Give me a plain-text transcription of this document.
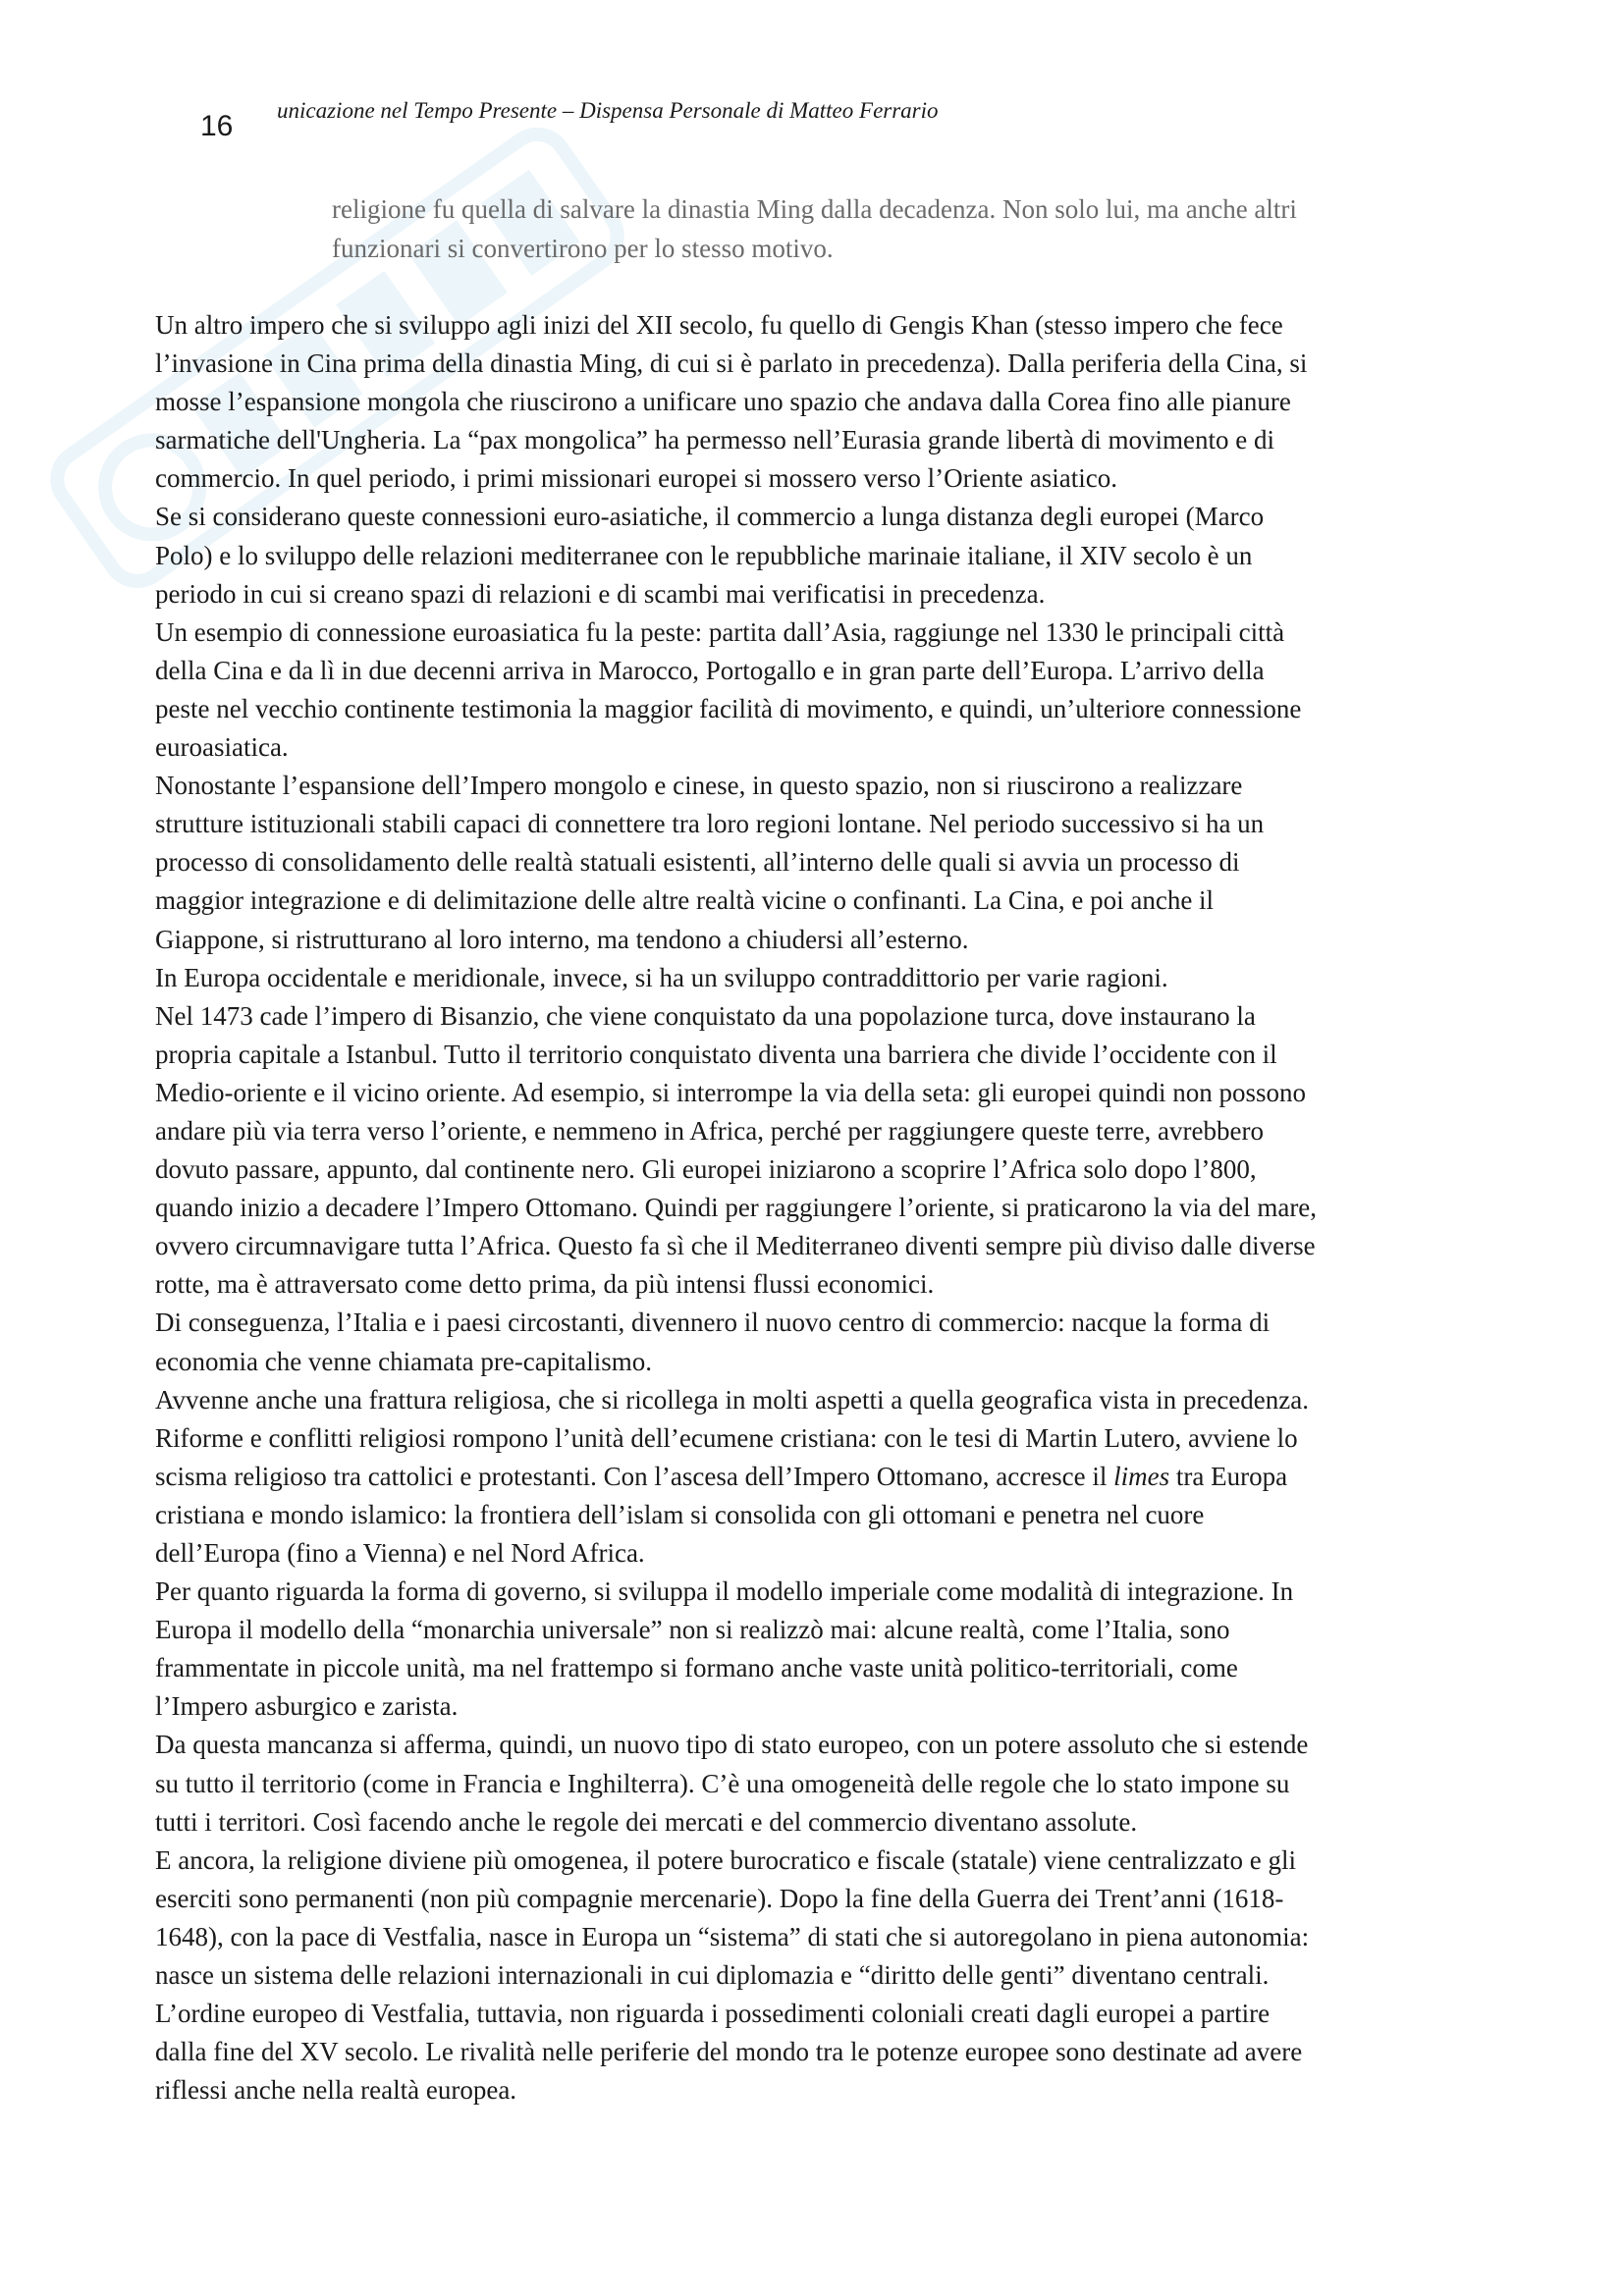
16 unicazione nel Tempo Presente – Dispensa Personale di Matteo Ferrario

religione fu quella di salvare la dinastia Ming dalla decadenza. Non solo lui, ma anche altri
funzionari si convertirono per lo stesso motivo.

Un altro impero che si sviluppo agli inizi del XII secolo, fu quello di Gengis Khan (stesso impero che fece
l’invasione in Cina prima della dinastia Ming, di cui si è parlato in precedenza). Dalla periferia della Cina, si
mosse l’espansione mongola che riuscirono a unificare uno spazio che andava dalla Corea fino alle pianure
sarmatiche dell'Ungheria. La “pax mongolica” ha permesso nell’Eurasia grande libertà di movimento e di
commercio. In quel periodo, i primi missionari europei si mossero verso l’Oriente asiatico.

Se si considerano queste connessioni euro-asiatiche, il commercio a lunga distanza degli europei (Marco
Polo) e lo sviluppo delle relazioni mediterranee con le repubbliche marinaie italiane, il XIV secolo è un
periodo in cui si creano spazi di relazioni e di scambi mai verificatisi in precedenza.

Un esempio di connessione euroasiatica fu la peste: partita dall’Asia, raggiunge nel 1330 le principali città
della Cina e da lì in due decenni arriva in Marocco, Portogallo e in gran parte dell’Europa. L’arrivo della
peste nel vecchio continente testimonia la maggior facilità di movimento, e quindi, un’ulteriore connessione
euroasiatica.

Nonostante l’espansione dell’Impero mongolo e cinese, in questo spazio, non si riuscirono a realizzare
strutture istituzionali stabili capaci di connettere tra loro regioni lontane. Nel periodo successivo si ha un
processo di consolidamento delle realtà statuali esistenti, all’interno delle quali si avvia un processo di
maggior integrazione e di delimitazione delle altre realtà vicine o confinanti. La Cina, e poi anche il
Giappone, si ristrutturano al loro interno, ma tendono a chiudersi all’esterno.

In Europa occidentale e meridionale, invece, si ha un sviluppo contraddittorio per varie ragioni.

Nel 1473 cade l’impero di Bisanzio, che viene conquistato da una popolazione turca, dove instaurano la
propria capitale a Istanbul. Tutto il territorio conquistato diventa una barriera che divide l’occidente con il
Medio-oriente e il vicino oriente. Ad esempio, si interrompe la via della seta: gli europei quindi non possono
andare più via terra verso l’oriente, e nemmeno in Africa, perché per raggiungere queste terre, avrebbero
dovuto passare, appunto, dal continente nero. Gli europei iniziarono a scoprire l’Africa solo dopo l’800,
quando inizio a decadere l’Impero Ottomano. Quindi per raggiungere l’oriente, si praticarono la via del mare,
ovvero circumnavigare tutta l’Africa. Questo fa sì che il Mediterraneo diventi sempre più diviso dalle diverse
rotte, ma è attraversato come detto prima, da più intensi flussi economici.

Di conseguenza, l’Italia e i paesi circostanti, divennero il nuovo centro di commercio: nacque la forma di
economia che venne chiamata pre-capitalismo.

Avvenne anche una frattura religiosa, che si ricollega in molti aspetti a quella geografica vista in precedenza.
Riforme e conflitti religiosi rompono l’unità dell’ecumene cristiana: con le tesi di Martin Lutero, avviene lo
scisma religioso tra cattolici e protestanti. Con l’ascesa dell’Impero Ottomano, accresce il limes tra Europa
cristiana e mondo islamico: la frontiera dell’islam si consolida con gli ottomani e penetra nel cuore
dell’Europa (fino a Vienna) e nel Nord Africa.

Per quanto riguarda la forma di governo, si sviluppa il modello imperiale come modalità di integrazione. In
Europa il modello della “monarchia universale” non si realizzò mai: alcune realtà, come l’Italia, sono
frammentate in piccole unità, ma nel frattempo si formano anche vaste unità politico-territoriali, come
l’Impero asburgico e zarista.

Da questa mancanza si afferma, quindi, un nuovo tipo di stato europeo, con un potere assoluto che si estende
su tutto il territorio (come in Francia e Inghilterra). C’è una omogeneità delle regole che lo stato impone su
tutti i territori. Così facendo anche le regole dei mercati e del commercio diventano assolute.

E ancora, la religione diviene più omogenea, il potere burocratico e fiscale (statale) viene centralizzato e gli
eserciti sono permanenti (non più compagnie mercenarie). Dopo la fine della Guerra dei Trent’anni (1618-
1648), con la pace di Vestfalia, nasce in Europa un “sistema” di stati che si autoregolano in piena autonomia:
nasce un sistema delle relazioni internazionali in cui diplomazia e “diritto delle genti” diventano centrali.

L’ordine europeo di Vestfalia, tuttavia, non riguarda i possedimenti coloniali creati dagli europei a partire
dalla fine del XV secolo. Le rivalità nelle periferie del mondo tra le potenze europee sono destinate ad avere
riflessi anche nella realtà europea.
